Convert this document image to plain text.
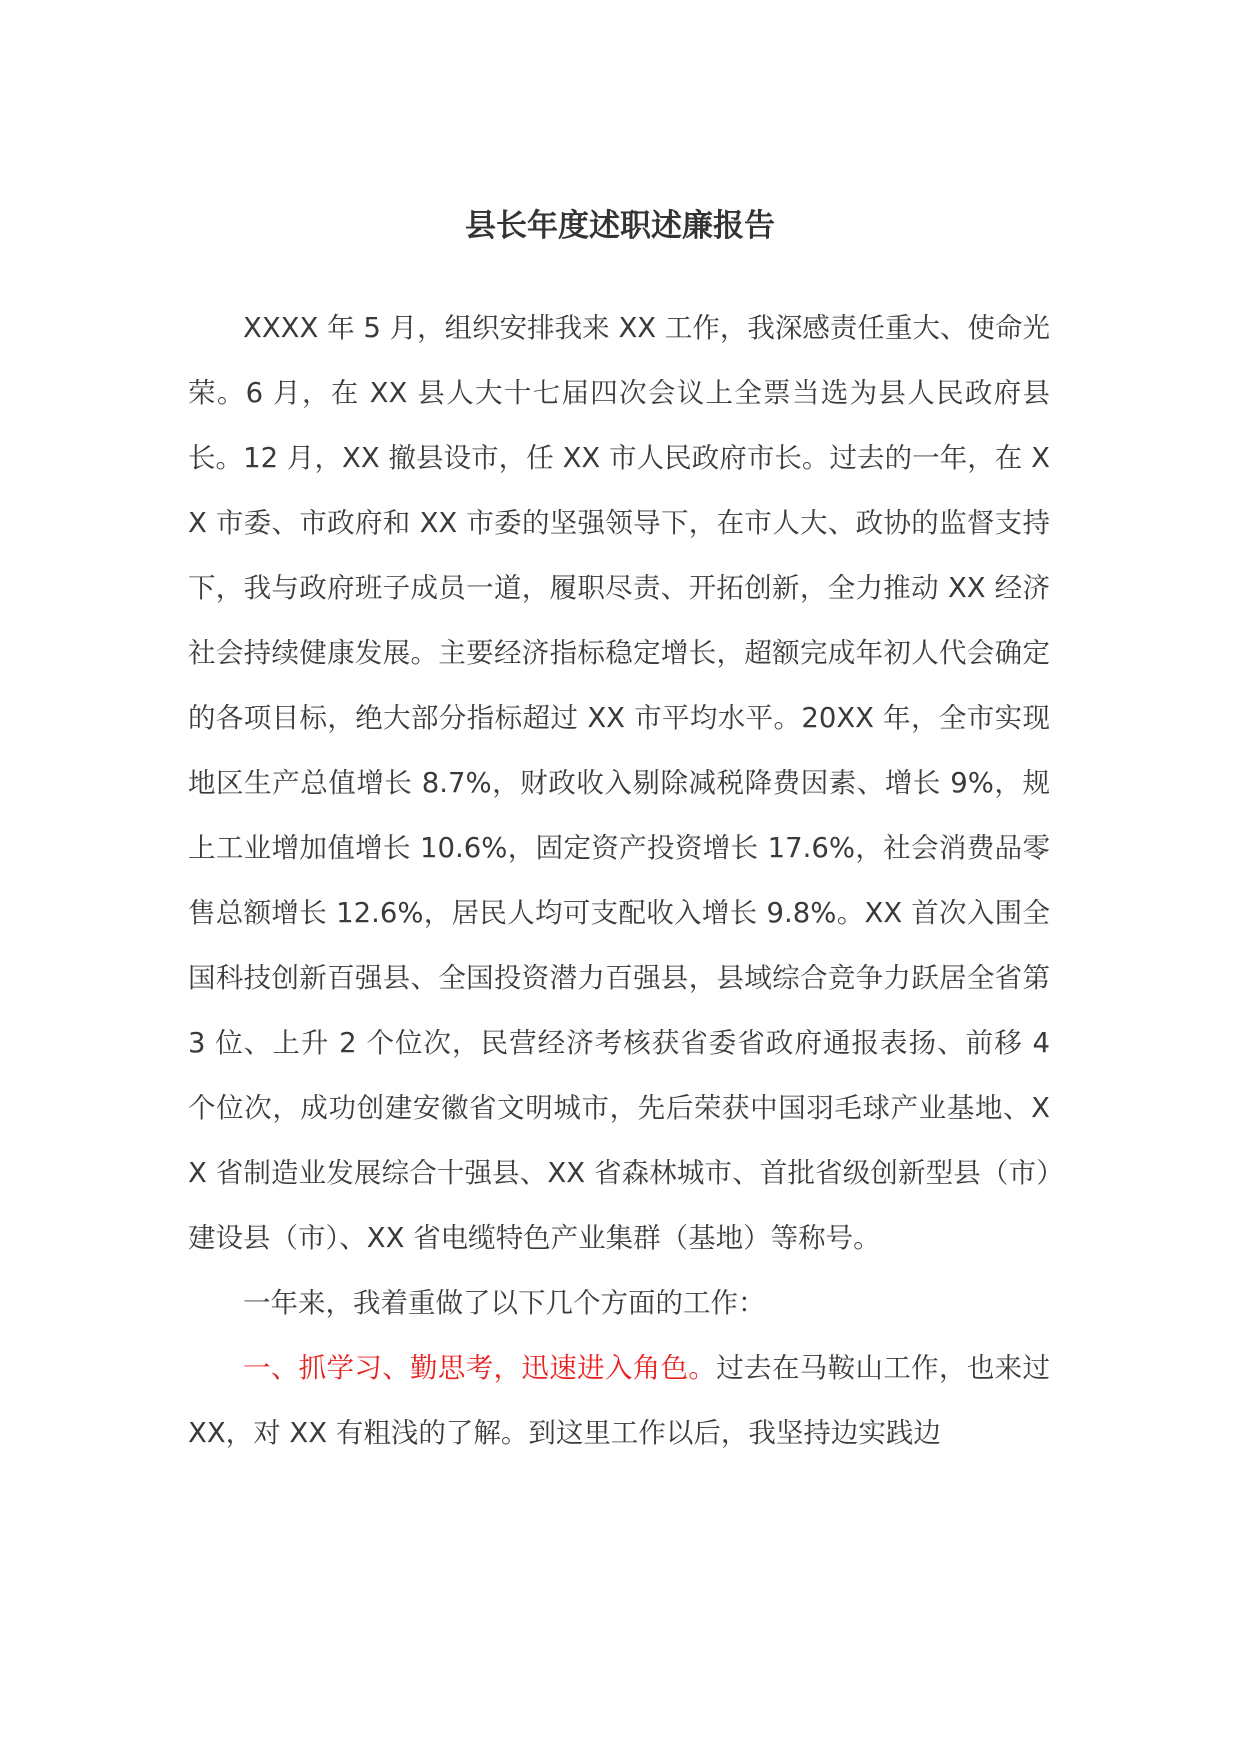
县长年度述职述廉报告

XXXX 年 5 月，组织安排我来 XX 工作，我深感责任重大、使命光荣。6 月，在 XX 县人大十七届四次会议上全票当选为县人民政府县长。12 月，XX 撤县设市，任 XX 市人民政府市长。过去的一年，在 XX 市委、市政府和 XX 市委的坚强领导下，在市人大、政协的监督支持下，我与政府班子成员一道，履职尽责、开拓创新，全力推动 XX 经济社会持续健康发展。主要经济指标稳定增长，超额完成年初人代会确定的各项目标，绝大部分指标超过 XX 市平均水平。20XX 年，全市实现地区生产总值增长 8.7%，财政收入剔除减税降费因素、增长 9%，规上工业增加值增长 10.6%，固定资产投资增长 17.6%，社会消费品零售总额增长 12.6%，居民人均可支配收入增长 9.8%。XX 首次入围全国科技创新百强县、全国投资潜力百强县，县域综合竞争力跃居全省第 3 位、上升 2 个位次，民营经济考核获省委省政府通报表扬、前移 4 个位次，成功创建安徽省文明城市，先后荣获中国羽毛球产业基地、XX 省制造业发展综合十强县、XX 省森林城市、首批省级创新型县（市）建设县（市）、XX 省电缆特色产业集群（基地）等称号。

一年来，我着重做了以下几个方面的工作：

一、抓学习、勤思考，迅速进入角色。过去在马鞍山工作，也来过 XX，对 XX 有粗浅的了解。到这里工作以后，我坚持边实践边
